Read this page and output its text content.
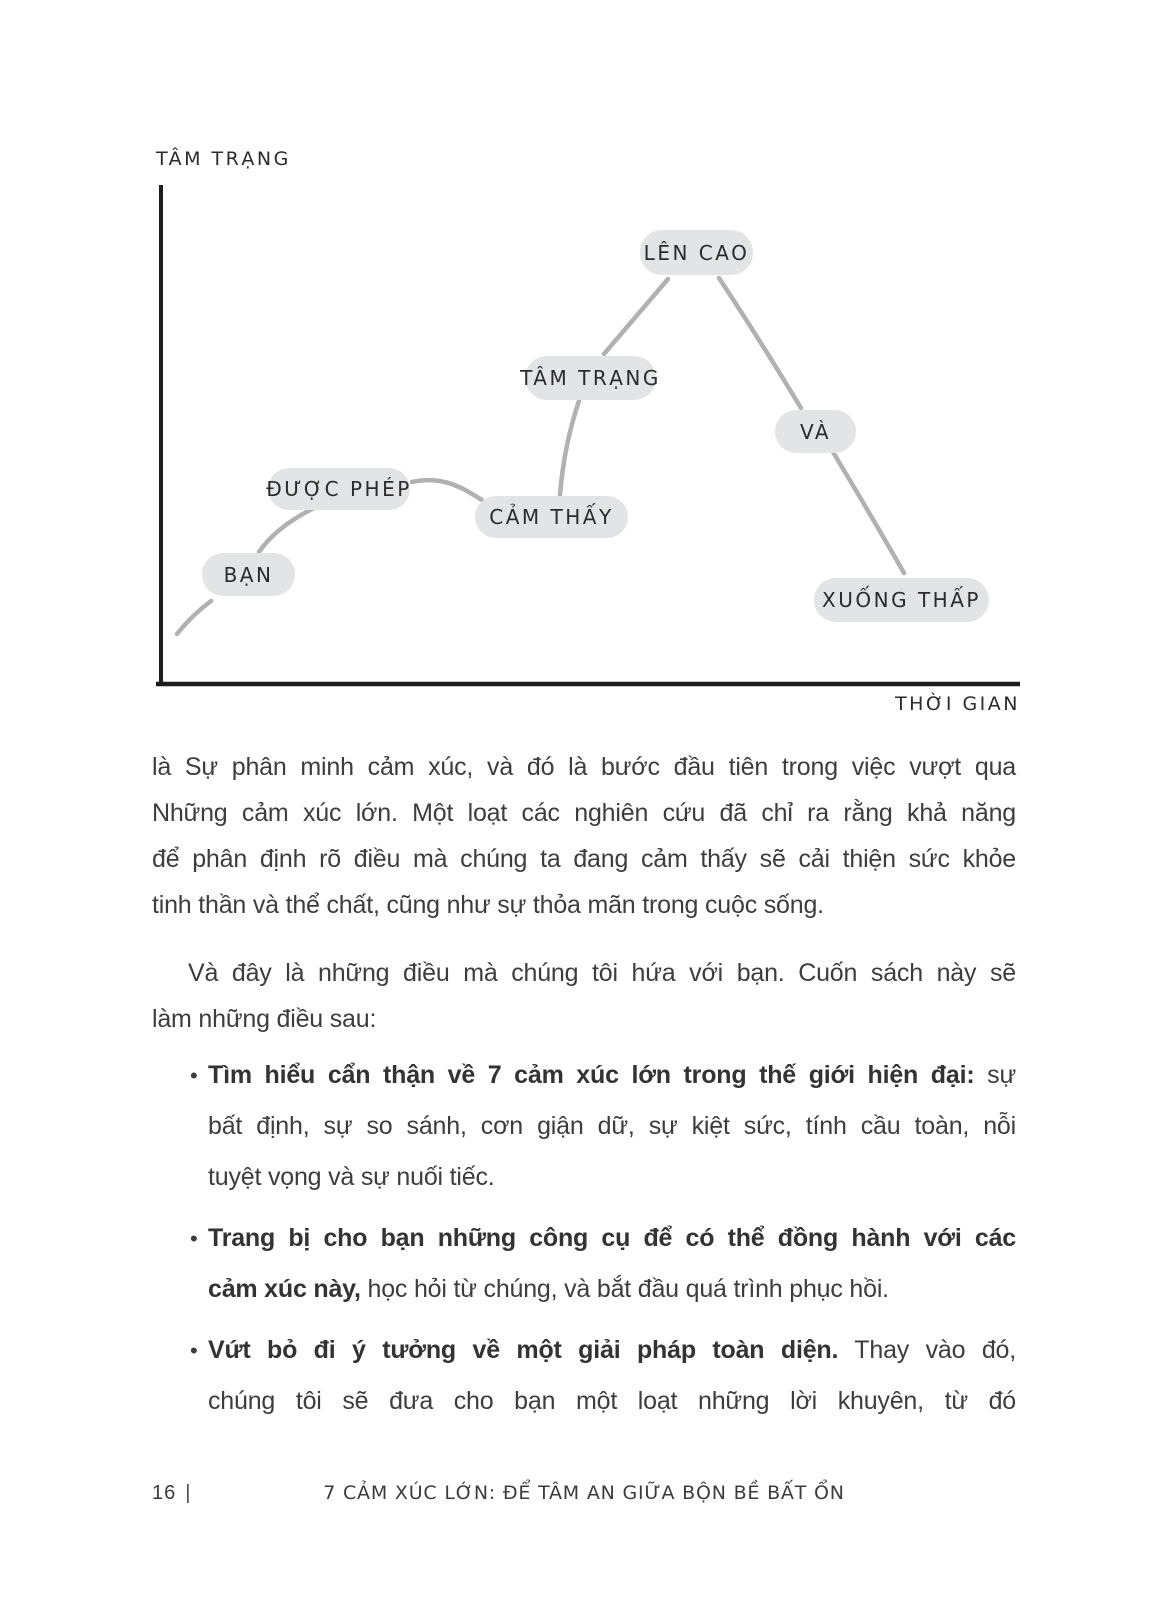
TÂM TRẠNG
THỜI GIAN
BẠN
ĐƯỢC PHÉP
CẢM THẤY
TÂM TRẠNG
LÊN CAO
VÀ
XUỐNG THẤP
là Sự phân minh cảm xúc, và đó là bước đầu tiên trong việc vượt qua
Những cảm xúc lớn. Một loạt các nghiên cứu đã chỉ ra rằng khả năng
để phân định rõ điều mà chúng ta đang cảm thấy sẽ cải thiện sức khỏe
tinh thần và thể chất, cũng như sự thỏa mãn trong cuộc sống.
Và đây là những điều mà chúng tôi hứa với bạn. Cuốn sách này sẽ
làm những điều sau:
• Tìm hiểu cẩn thận về 7 cảm xúc lớn trong thế giới hiện đại: sự
bất định, sự so sánh, cơn giận dữ, sự kiệt sức, tính cầu toàn, nỗi
tuyệt vọng và sự nuối tiếc.
• Trang bị cho bạn những công cụ để có thể đồng hành với các
cảm xúc này, học hỏi từ chúng, và bắt đầu quá trình phục hồi.
• Vứt bỏ đi ý tưởng về một giải pháp toàn diện. Thay vào đó,
chúng tôi sẽ đưa cho bạn một loạt những lời khuyên, từ đó
16 |	7 CẢM XÚC LỚN: ĐỂ TÂM AN GIỮA BỘN BỀ BẤT ỔN
